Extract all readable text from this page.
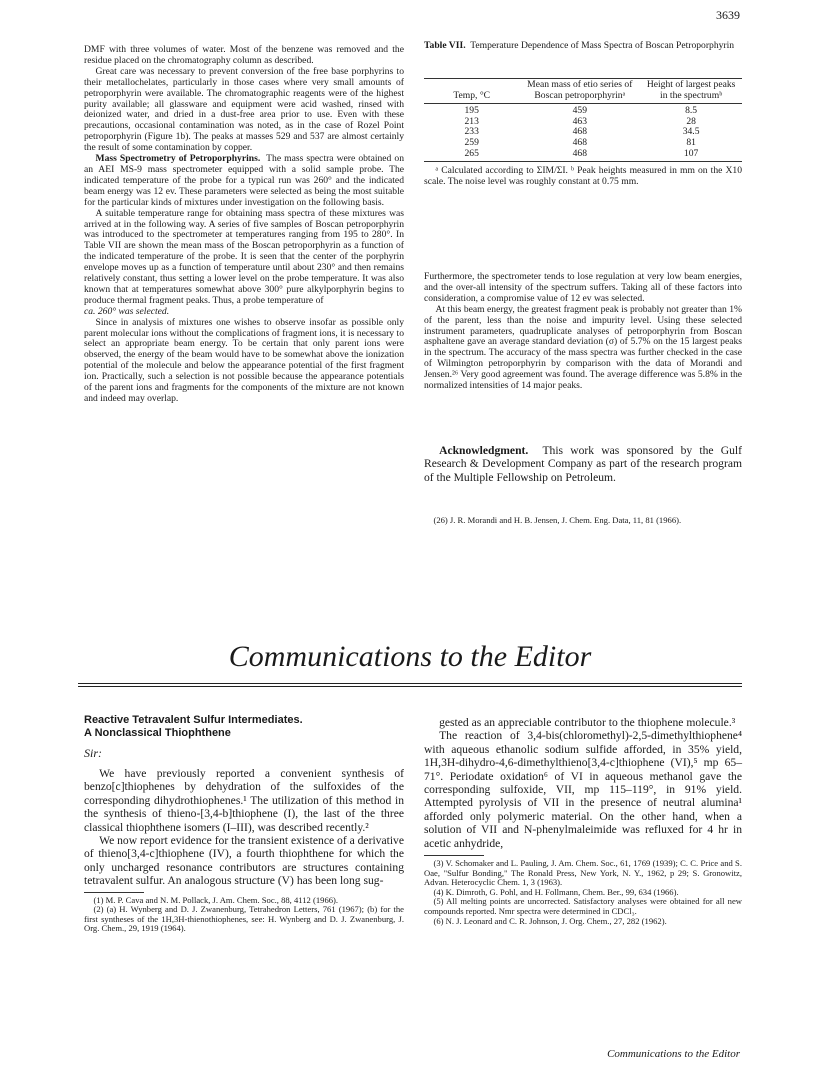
3639

DMF with three volumes of water. Most of the benzene was removed and the residue placed on the chromatography column as described.

Great care was necessary to prevent conversion of the free base porphyrins to their metallochelates, particularly in those cases where very small amounts of petroporphyrin were available. The chromatographic reagents were of the highest purity available; all glassware and equipment were acid washed, rinsed with deionized water, and dried in a dust-free area prior to use. Even with these precautions, occasional contamination was noted, as in the case of Rozel Point petroporphyrin (Figure 1b). The peaks at masses 529 and 537 are almost certainly the result of some contamination by copper.

Mass Spectrometry of Petroporphyrins. The mass spectra were obtained on an AEI MS-9 mass spectrometer equipped with a solid sample probe. The indicated temperature of the probe for a typical run was 260° and the indicated beam energy was 12 ev. These parameters were selected as being the most suitable for the particular kinds of mixtures under investigation on the following basis.

A suitable temperature range for obtaining mass spectra of these mixtures was arrived at in the following way. A series of five samples of Boscan petroporphyrin was introduced to the spectrometer at temperatures ranging from 195 to 280°. In Table VII are shown the mean mass of the Boscan petroporphyrin as a function of the indicated temperature of the probe. It is seen that the center of the porphyrin envelope moves up as a function of temperature until about 230° and then remains relatively constant, thus setting a lower level on the probe temperature. It was also known that at temperatures somewhat above 300° pure alkylporphyrin begins to produce thermal fragment peaks. Thus, a probe temperature of

ca. 260° was selected.

Since in analysis of mixtures one wishes to observe insofar as possible only parent molecular ions without the complications of fragment ions, it is necessary to select an appropriate beam energy. To be certain that only parent ions were observed, the energy of the beam would have to be somewhat above the ionization potential of the molecule and below the appearance potential of the first fragment ion. Practically, such a selection is not possible because the appearance potentials of the parent ions and fragments for the components of the mixture are not known and indeed may overlap.

Table VII. Temperature Dependence of Mass Spectra of Boscan Petroporphyrin
Temp, °C	Mean mass of etio series of Boscan petroporphyrinᵃ	Height of largest peaks in the spectrumᵇ

195	459	8.5
213	463	28
233	468	34.5
259	468	81
265	468	107
ᵃ Calculated according to ΣIM/ΣI. ᵇ Peak heights measured in mm on the X10 scale. The noise level was roughly constant at 0.75 mm.

Furthermore, the spectrometer tends to lose regulation at very low beam energies, and the over-all intensity of the spectrum suffers. Taking all of these factors into consideration, a compromise value of 12 ev was selected.

At this beam energy, the greatest fragment peak is probably not greater than 1% of the parent, less than the noise and impurity level. Using these selected instrument parameters, quadruplicate analyses of petroporphyrin from Boscan asphaltene gave an average standard deviation (σ) of 5.7% on the 15 largest peaks in the spectrum. The accuracy of the mass spectra was further checked in the case of Wilmington petroporphyrin by comparison with the data of Morandi and Jensen.²⁶ Very good agreement was found. The average difference was 5.8% in the normalized intensities of 14 major peaks.

Acknowledgment. This work was sponsored by the Gulf Research & Development Company as part of the research program of the Multiple Fellowship on Petroleum.

(26) J. R. Morandi and H. B. Jensen, J. Chem. Eng. Data, 11, 81 (1966).

Communications to the Editor
Reactive Tetravalent Sulfur Intermediates.
A Nonclassical Thiophthene
Sir:

We have previously reported a convenient synthesis of benzo[c]thiophenes by dehydration of the sulfoxides of the corresponding dihydrothiophenes.¹ The utilization of this method in the synthesis of thieno-[3,4-b]thiophene (I), the last of the three classical thiophthene isomers (I–III), was described recently.²

We now report evidence for the transient existence of a derivative of thieno[3,4-c]thiophene (IV), a fourth thiophthene for which the only uncharged resonance contributors are structures containing tetravalent sulfur. An analogous structure (V) has been long sug-

(1) M. P. Cava and N. M. Pollack, J. Am. Chem. Soc., 88, 4112 (1966).

(2) (a) H. Wynberg and D. J. Zwanenburg, Tetrahedron Letters, 761 (1967); (b) for the first syntheses of the 1H,3H-thienothiophenes, see: H. Wynberg and D. J. Zwanenburg, J. Org. Chem., 29, 1919 (1964).

gested as an appreciable contributor to the thiophene molecule.³

The reaction of 3,4-bis(chloromethyl)-2,5-dimethylthiophene⁴ with aqueous ethanolic sodium sulfide afforded, in 35% yield, 1H,3H-dihydro-4,6-dimethylthieno[3,4-c]thiophene (VI),⁵ mp 65–71°. Periodate oxidation⁶ of VI in aqueous methanol gave the corresponding sulfoxide, VII, mp 115–119°, in 91% yield. Attempted pyrolysis of VII in the presence of neutral alumina¹ afforded only polymeric material. On the other hand, when a solution of VII and N-phenylmaleimide was refluxed for 4 hr in acetic anhydride,

(3) V. Schomaker and L. Pauling, J. Am. Chem. Soc., 61, 1769 (1939); C. C. Price and S. Oae, "Sulfur Bonding," The Ronald Press, New York, N. Y., 1962, p 29; S. Gronowitz, Advan. Heterocyclic Chem. 1, 3 (1963).

(4) K. Dimroth, G. Pohl, and H. Follmann, Chem. Ber., 99, 634 (1966).

(5) All melting points are uncorrected. Satisfactory analyses were obtained for all new compounds reported. Nmr spectra were determined in CDCl₃.

(6) N. J. Leonard and C. R. Johnson, J. Org. Chem., 27, 282 (1962).

Communications to the Editor
